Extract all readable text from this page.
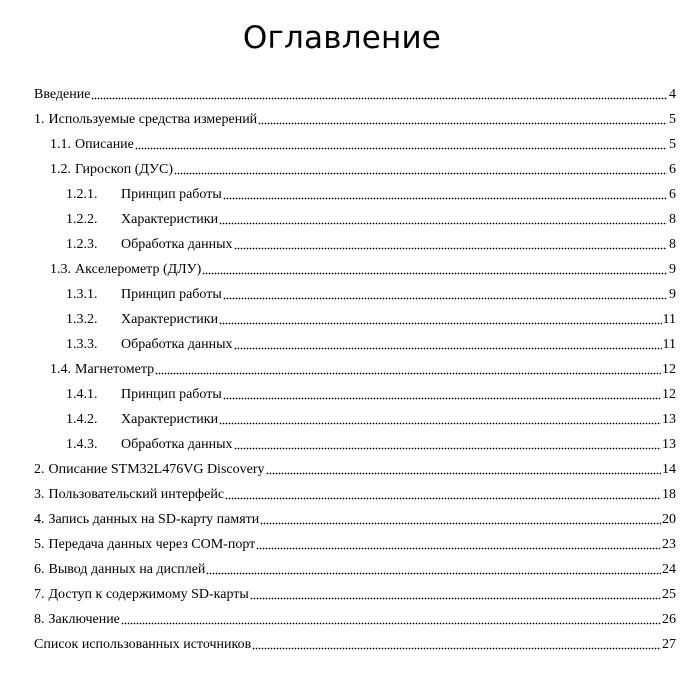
Оглавление
Введение	4
1. Используемые средства измерений	5
1.1. Описание	5
1.2. Гироскоп (ДУС)	6
1.2.1.	Принцип работы	6
1.2.2.	Характеристики	8
1.2.3.	Обработка данных	8
1.3. Акселерометр (ДЛУ)	9
1.3.1.	Принцип работы	9
1.3.2.	Характеристики	11
1.3.3.	Обработка данных	11
1.4. Магнетометр	12
1.4.1.	Принцип работы	12
1.4.2.	Характеристики	13
1.4.3.	Обработка данных	13
2. Описание STM32L476VG Discovery	14
3. Пользовательский интерфейс	18
4. Запись данных на SD-карту памяти	20
5. Передача данных через COM-порт	23
6. Вывод данных на дисплей	24
7. Доступ к содержимому SD-карты	25
8. Заключение	26
Список использованных источников	27
